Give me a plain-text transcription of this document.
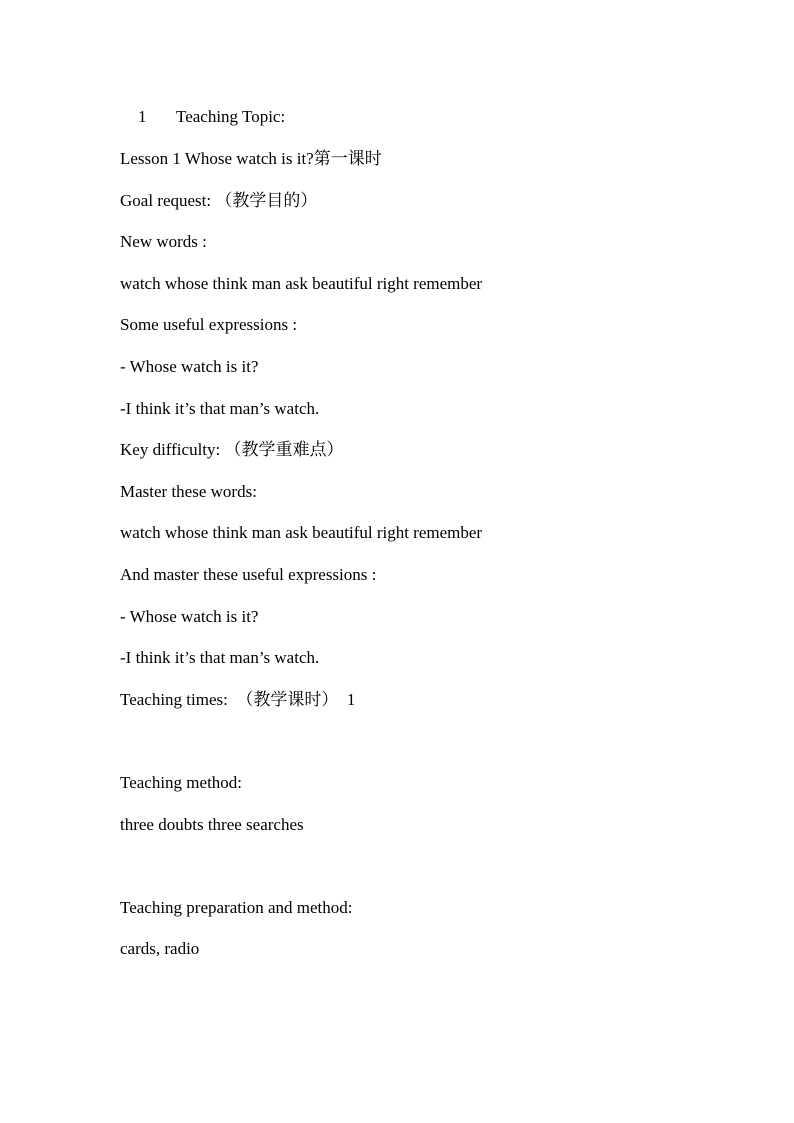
1 Teaching Topic:
Lesson 1 Whose watch is it?第一课时
Goal request: （教学目的）
New words :
watch whose think man ask beautiful right remember
Some useful expressions :
- Whose watch is it?
-I think it’s that man’s watch.
Key difficulty: （教学重难点）
Master these words:
watch whose think man ask beautiful right remember
And master these useful expressions :
- Whose watch is it?
-I think it’s that man’s watch.
Teaching times:  （教学课时）  1
Teaching method:
three doubts three searches
Teaching preparation and method:
cards, radio
